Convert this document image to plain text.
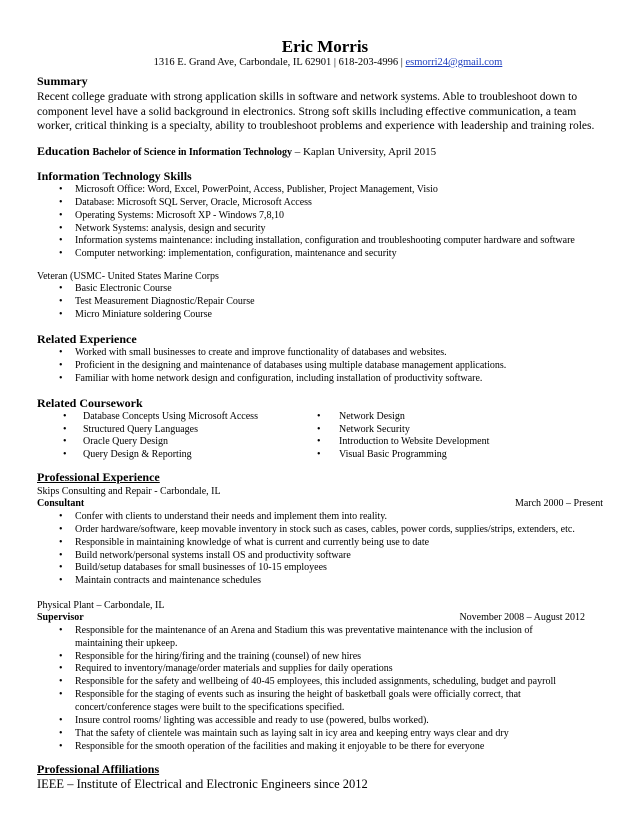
Eric Morris
1316 E. Grand Ave, Carbondale, IL 62901 | 618-203-4996 | esmorri24@gmail.com
Summary
Recent college graduate with strong application skills in software and network systems. Able to troubleshoot down to component level have a solid background in electronics. Strong soft skills including effective communication, a team worker, critical thinking is a specialty, ability to troubleshoot problems and experience with leadership and training roles.
Education Bachelor of Science in Information Technology – Kaplan University, April 2015
Information Technology Skills
• Microsoft Office: Word, Excel, PowerPoint, Access, Publisher, Project Management, Visio
• Database: Microsoft SQL Server, Oracle, Microsoft Access
• Operating Systems: Microsoft XP - Windows 7,8,10
• Network Systems: analysis, design and security
• Information systems maintenance: including installation, configuration and troubleshooting computer hardware and software
• Computer networking: implementation, configuration, maintenance and security
Veteran (USMC- United States Marine Corps
• Basic Electronic Course
• Test Measurement Diagnostic/Repair Course
• Micro Miniature soldering Course
Related Experience
• Worked with small businesses to create and improve functionality of databases and websites.
• Proficient in the designing and maintenance of databases using multiple database management applications.
• Familiar with home network design and configuration, including installation of productivity software.
Related Coursework
• Database Concepts Using Microsoft Access
• Structured Query Languages
• Oracle Query Design
• Query Design & Reporting
• Network Design
• Network Security
• Introduction to Website Development
• Visual Basic Programming
Professional Experience
Skips Consulting and Repair - Carbondale, IL
Consultant	March 2000 – Present
• Confer with clients to understand their needs and implement them into reality.
• Order hardware/software, keep movable inventory in stock such as cases, cables, power cords, supplies/strips, extenders, etc.
• Responsible in maintaining knowledge of what is current and currently being use to date
• Build network/personal systems install OS and productivity software
• Build/setup databases for small businesses of 10-15 employees
• Maintain contracts and maintenance schedules
Physical Plant – Carbondale, IL
Supervisor	November 2008 – August 2012
• Responsible for the maintenance of an Arena and Stadium this was preventative maintenance with the inclusion of maintaining their upkeep.
• Responsible for the hiring/firing and the training (counsel) of new hires
• Required to inventory/manage/order materials and supplies for daily operations
• Responsible for the safety and wellbeing of 40-45 employees, this included assignments, scheduling, budget and payroll
• Responsible for the staging of events such as insuring the height of basketball goals were officially correct, that concert/conference stages were built to the specifications specified.
• Insure control rooms/ lighting was accessible and ready to use (powered, bulbs worked).
• That the safety of clientele was maintain such as laying salt in icy area and keeping entry ways clear and dry
• Responsible for the smooth operation of the facilities and making it enjoyable to be there for everyone
Professional Affiliations
IEEE – Institute of Electrical and Electronic Engineers since 2012
